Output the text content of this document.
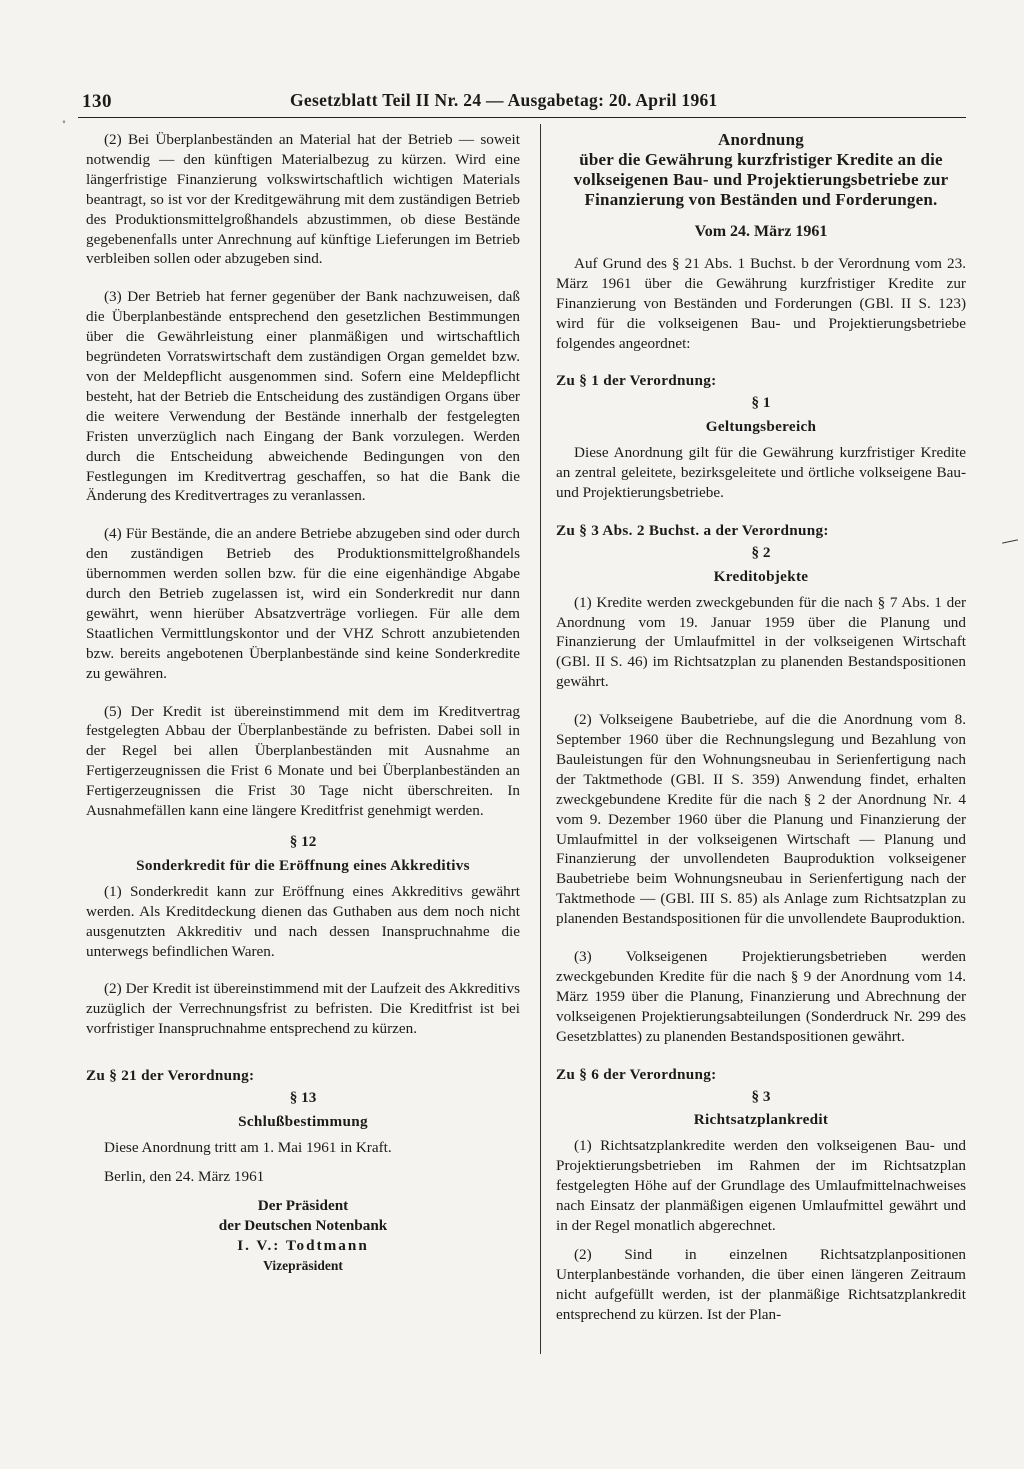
130	Gesetzblatt Teil II Nr. 24 — Ausgabetag: 20. April 1961
˚

(2) Bei Überplanbeständen an Material hat der Betrieb — soweit notwendig — den künftigen Materialbezug zu kürzen. Wird eine längerfristige Finanzierung volkswirtschaftlich wichtigen Materials beantragt, so ist vor der Kreditgewährung mit dem zuständigen Betrieb des Produktionsmittelgroßhandels abzustimmen, ob diese Bestände gegebenenfalls unter Anrechnung auf künftige Lieferungen im Betrieb verbleiben sollen oder abzugeben sind.

(3) Der Betrieb hat ferner gegenüber der Bank nachzuweisen, daß die Überplanbestände entsprechend den gesetzlichen Bestimmungen über die Gewährleistung einer planmäßigen und wirtschaftlich begründeten Vorratswirtschaft dem zuständigen Organ gemeldet bzw. von der Meldepflicht ausgenommen sind. Sofern eine Meldepflicht besteht, hat der Betrieb die Entscheidung des zuständigen Organs über die weitere Verwendung der Bestände innerhalb der festgelegten Fristen unverzüglich nach Eingang der Bank vorzulegen. Werden durch die Entscheidung abweichende Bedingungen von den Festlegungen im Kreditvertrag geschaffen, so hat die Bank die Änderung des Kreditvertrages zu veranlassen.

(4) Für Bestände, die an andere Betriebe abzugeben sind oder durch den zuständigen Betrieb des Produktionsmittelgroßhandels übernommen werden sollen bzw. für die eine eigenhändige Abgabe durch den Betrieb zugelassen ist, wird ein Sonderkredit nur dann gewährt, wenn hierüber Absatzverträge vorliegen. Für alle dem Staatlichen Vermittlungskontor und der VHZ Schrott anzubietenden bzw. bereits angebotenen Überplanbestände sind keine Sonderkredite zu gewähren.

(5) Der Kredit ist übereinstimmend mit dem im Kreditvertrag festgelegten Abbau der Überplanbestände zu befristen. Dabei soll in der Regel bei allen Überplanbeständen mit Ausnahme an Fertigerzeugnissen die Frist 6 Monate und bei Überplanbeständen an Fertigerzeugnissen die Frist 30 Tage nicht überschreiten. In Ausnahmefällen kann eine längere Kreditfrist genehmigt werden.

§ 12

Sonderkredit für die Eröffnung eines Akkreditivs

(1) Sonderkredit kann zur Eröffnung eines Akkreditivs gewährt werden. Als Kreditdeckung dienen das Guthaben aus dem noch nicht ausgenutzten Akkreditiv und nach dessen Inanspruchnahme die unterwegs befindlichen Waren.

(2) Der Kredit ist übereinstimmend mit der Laufzeit des Akkreditivs zuzüglich der Verrechnungsfrist zu befristen. Die Kreditfrist ist bei vorfristiger Inanspruchnahme entsprechend zu kürzen.

Zu § 21 der Verordnung:

§ 13

Schlußbestimmung

Diese Anordnung tritt am 1. Mai 1961 in Kraft.

Berlin, den 24. März 1961

Der Präsident

der Deutschen Notenbank

I. V.: Todtmann

Vizepräsident

Anordnung

über die Gewährung kurzfristiger Kredite an die volkseigenen Bau- und Projektierungsbetriebe zur Finanzierung von Beständen und Forderungen.

Vom 24. März 1961

Auf Grund des § 21 Abs. 1 Buchst. b der Verordnung vom 23. März 1961 über die Gewährung kurzfristiger Kredite zur Finanzierung von Beständen und Forderungen (GBl. II S. 123) wird für die volkseigenen Bau- und Projektierungsbetriebe folgendes angeordnet:

Zu § 1 der Verordnung:

§ 1

Geltungsbereich

Diese Anordnung gilt für die Gewährung kurzfristiger Kredite an zentral geleitete, bezirksgeleitete und örtliche volkseigene Bau- und Projektierungsbetriebe.

Zu § 3 Abs. 2 Buchst. a der Verordnung:

§ 2

Kreditobjekte

(1) Kredite werden zweckgebunden für die nach § 7 Abs. 1 der Anordnung vom 19. Januar 1959 über die Planung und Finanzierung der Umlaufmittel in der volkseigenen Wirtschaft (GBl. II S. 46) im Richtsatzplan zu planenden Bestandspositionen gewährt.

(2) Volkseigene Baubetriebe, auf die die Anordnung vom 8. September 1960 über die Rechnungslegung und Bezahlung von Bauleistungen für den Wohnungsneubau in Serienfertigung nach der Taktmethode (GBl. II S. 359) Anwendung findet, erhalten zweckgebundene Kredite für die nach § 2 der Anordnung Nr. 4 vom 9. Dezember 1960 über die Planung und Finanzierung der Umlaufmittel in der volkseigenen Wirtschaft — Planung und Finanzierung der unvollendeten Bauproduktion volkseigener Baubetriebe beim Wohnungsneubau in Serienfertigung nach der Taktmethode — (GBl. III S. 85) als Anlage zum Richtsatzplan zu planenden Bestandspositionen für die unvollendete Bauproduktion.

(3) Volkseigenen Projektierungsbetrieben werden zweckgebunden Kredite für die nach § 9 der Anordnung vom 14. März 1959 über die Planung, Finanzierung und Abrechnung der volkseigenen Projektierungsabteilungen (Sonderdruck Nr. 299 des Gesetzblattes) zu planenden Bestandspositionen gewährt.

Zu § 6 der Verordnung:

§ 3

Richtsatzplankredit

(1) Richtsatzplankredite werden den volkseigenen Bau- und Projektierungsbetrieben im Rahmen der im Richtsatzplan festgelegten Höhe auf der Grundlage des Umlaufmittelnachweises nach Einsatz der planmäßigen eigenen Umlaufmittel gewährt und in der Regel monatlich abgerechnet.

(2) Sind in einzelnen Richtsatzplanpositionen Unterplanbestände vorhanden, die über einen längeren Zeitraum nicht aufgefüllt werden, ist der planmäßige Richtsatzplankredit entsprechend zu kürzen. Ist der Plan-
